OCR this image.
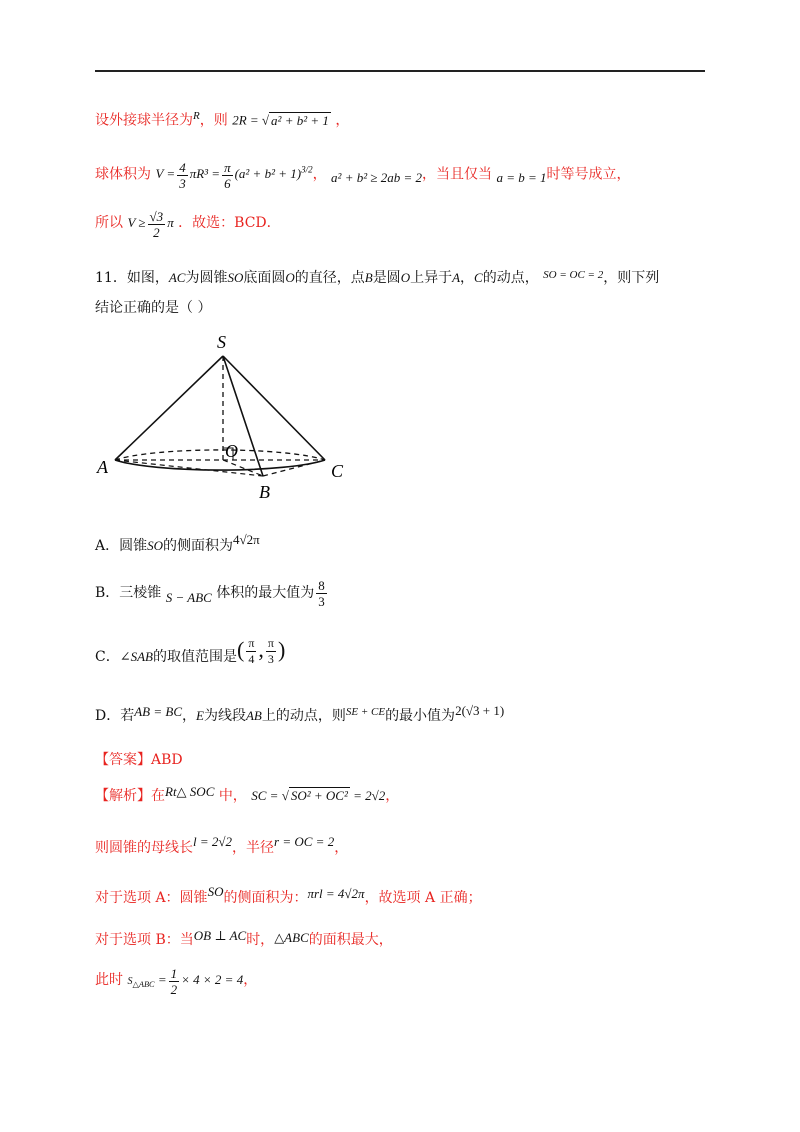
设外接球半径为$^R$，则 2R = √ a² + b² + 1 ，
球体积为 $V = \frac{4}{3} \pi R^3 = \frac{\pi}{6} (a^2 + b^2 + 1)^{3/2}$， a² + b² ≥ 2ab = 2，当且仅当 a = b = 1时等号成立，
所以 $V \ge \frac{√3}{2}$ π ．故选：BCD．
11．如图，AC为圆锥SO底面圆O的直径，点B是圆O上异于A，C的动点， $^{SO = OC = 2}$，则下列
结论正确的是（ ）
S
O
A
B
C
A．圆锥SO的侧面积为4√2π
B．三棱锥 S − ABC 体积的最大值为 $\frac{8}{3}$
C．∠SAB的取值范围是( $\frac{\pi}{4}$ , $\frac{\pi}{3}$ )
D．若AB = BC，E为线段AB上的动点，则$^{SE + CE}$的最小值为2(√3 + 1)
【答案】ABD
【解析】在Rt△ SOC 中， SC = √ SO² + OC² = 2√2，
则圆锥的母线长l = 2√2，半径r = OC = 2，
对于选项 A：圆锥SO的侧面积为：πrl = 4√2π，故选项 A 正确；
对于选项 B：当OB ⊥ AC时，△ABC的面积最大，
此时 $S_{\triangle ABC} = \frac{1}{2} \times 4 \times 2 = 4$，
